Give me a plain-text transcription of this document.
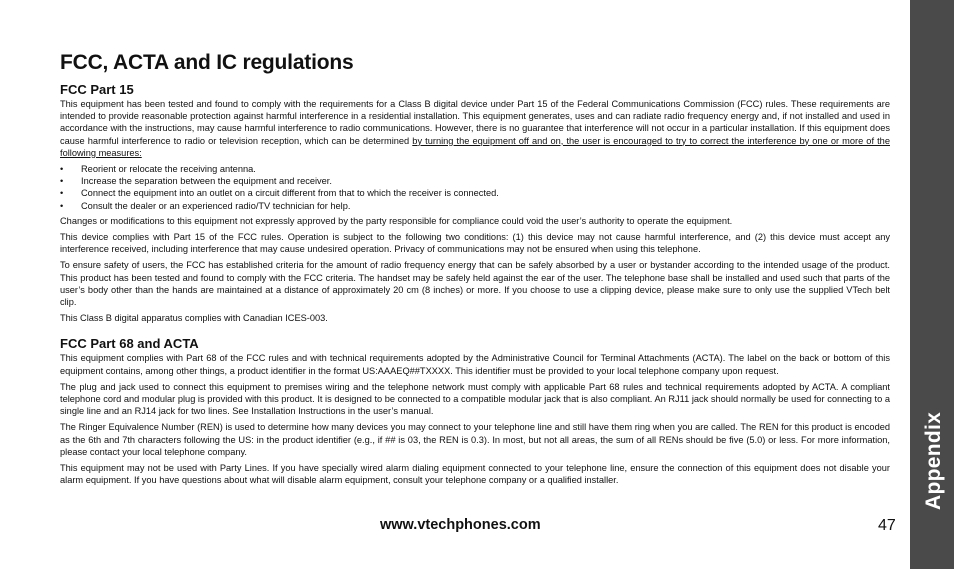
FCC, ACTA and IC regulations
FCC Part 15

This equipment has been tested and found to comply with the requirements for a Class B digital device under Part 15 of the Federal Communications Commission (FCC) rules. These requirements are intended to provide reasonable protection against harmful interference in a residential installation. This equipment generates, uses and can radiate radio frequency energy and, if not installed and used in accordance with the instructions, may cause harmful interference to radio communications. However, there is no guarantee that interference will not occur in a particular installation. If this equipment does cause harmful interference to radio or television reception, which can be determined by turning the equipment off and on, the user is encouraged to try to correct the interference by one or more of the following measures:

• Reorient or relocate the receiving antenna.
• Increase the separation between the equipment and receiver.
• Connect the equipment into an outlet on a circuit different from that to which the receiver is connected.
• Consult the dealer or an experienced radio/TV technician for help.

Changes or modifications to this equipment not expressly approved by the party responsible for compliance could void the user’s authority to operate the equipment.

This device complies with Part 15 of the FCC rules. Operation is subject to the following two conditions: (1) this device may not cause harmful interference, and (2) this device must accept any interference received, including interference that may cause undesired operation. Privacy of communications may not be ensured when using this telephone.

To ensure safety of users, the FCC has established criteria for the amount of radio frequency energy that can be safely absorbed by a user or bystander according to the intended usage of the product. This product has been tested and found to comply with the FCC criteria. The handset may be safely held against the ear of the user. The telephone base shall be installed and used such that parts of the user’s body other than the hands are maintained at a distance of approximately 20 cm (8 inches) or more. If you choose to use a clipping device, please make sure to only use the supplied VTech belt clip.

This Class B digital apparatus complies with Canadian ICES-003.

FCC Part 68 and ACTA

This equipment complies with Part 68 of the FCC rules and with technical requirements adopted by the Administrative Council for Terminal Attachments (ACTA). The label on the back or bottom of this equipment contains, among other things, a product identifier in the format US:AAAEQ##TXXXX. This identifier must be provided to your local telephone company upon request.

The plug and jack used to connect this equipment to premises wiring and the telephone network must comply with applicable Part 68 rules and technical requirements adopted by ACTA. A compliant telephone cord and modular plug is provided with this product. It is designed to be connected to a compatible modular jack that is also compliant. An RJ11 jack should normally be used for connecting to a single line and an RJ14 jack for two lines. See Installation Instructions in the user’s manual.

The Ringer Equivalence Number (REN) is used to determine how many devices you may connect to your telephone line and still have them ring when you are called. The REN for this product is encoded as the 6th and 7th characters following the US: in the product identifier (e.g., if ## is 03, the REN is 0.3). In most, but not all areas, the sum of all RENs should be five (5.0) or less. For more information, please contact your local telephone company.

This equipment may not be used with Party Lines. If you have specially wired alarm dialing equipment connected to your telephone line, ensure the connection of this equipment does not disable your alarm equipment. If you have questions about what will disable alarm equipment, consult your telephone company or a qualified installer.

www.vtechphones.com	47
Appendix
